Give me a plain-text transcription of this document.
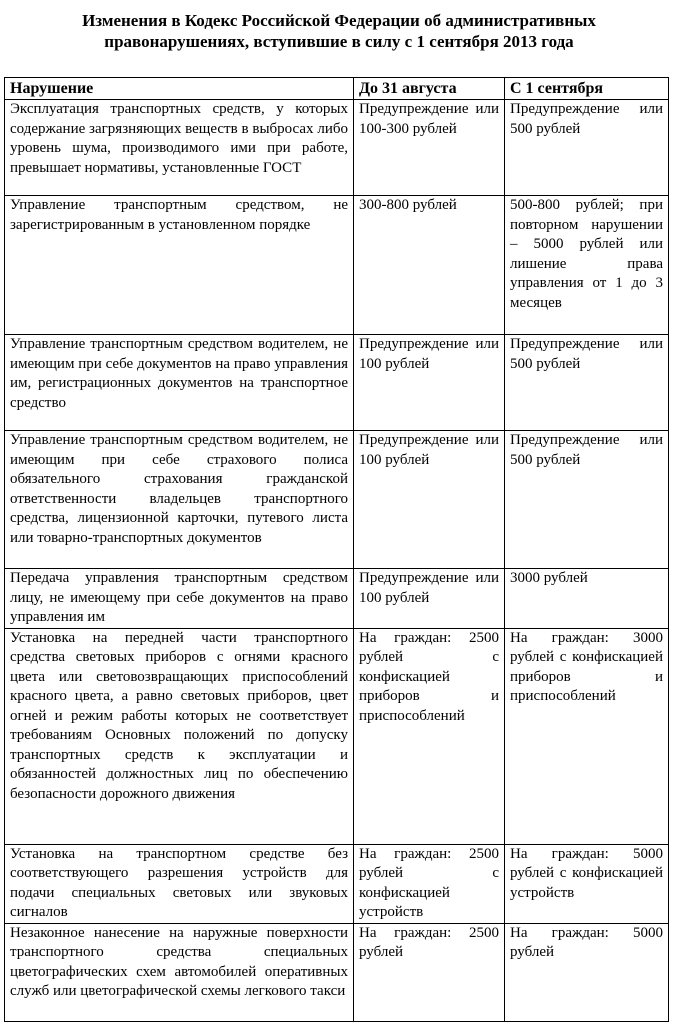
Изменения в Кодекс Российской Федерации об административных
правонарушениях, вступившие в силу с 1 сентября 2013 года
Нарушение	До 31 августа	С 1 сентября
Эксплуатация транспортных средств, у которых содержание загрязняющих веществ в выбросах либо уровень шума, производимого ими при работе, превышает нормативы, установленные ГОСТ	Предупреждение или 100-300 рублей	Предупреждение или 500 рублей
Управление транспортным средством, не зарегистрированным в установленном порядке	300-800 рублей	500-800 рублей; при повторном нарушении – 5000 рублей или лишение права управления от 1 до 3 месяцев
Управление транспортным средством водителем, не имеющим при себе документов на право управления им, регистрационных документов на транспортное средство	Предупреждение или 100 рублей	Предупреждение или 500 рублей
Управление транспортным средством водителем, не имеющим при себе страхового полиса обязательного страхования гражданской ответственности владельцев транспортного средства, лицензионной карточки, путевого листа или товарно-транспортных документов	Предупреждение или 100 рублей	Предупреждение или 500 рублей
Передача управления транспортным средством лицу, не имеющему при себе документов на право управления им	Предупреждение или 100 рублей	3000 рублей
Установка на передней части транспортного средства световых приборов с огнями красного цвета или световозвращающих приспособлений красного цвета, а равно световых приборов, цвет огней и режим работы которых не соответствует требованиям Основных положений по допуску транспортных средств к эксплуатации и обязанностей должностных лиц по обеспечению безопасности дорожного движения	На граждан: 2500 рублей с конфискацией приборов и приспособлений	На граждан: 3000 рублей с конфискацией приборов и приспособлений
Установка на транспортном средстве без соответствующего разрешения устройств для подачи специальных световых или звуковых сигналов	На граждан: 2500 рублей с конфискацией устройств	На граждан: 5000 рублей с конфискацией устройств
Незаконное нанесение на наружные поверхности транспортного средства специальных цветографических схем автомобилей оперативных служб или цветографической схемы легкового такси	На граждан: 2500 рублей	На граждан: 5000 рублей
